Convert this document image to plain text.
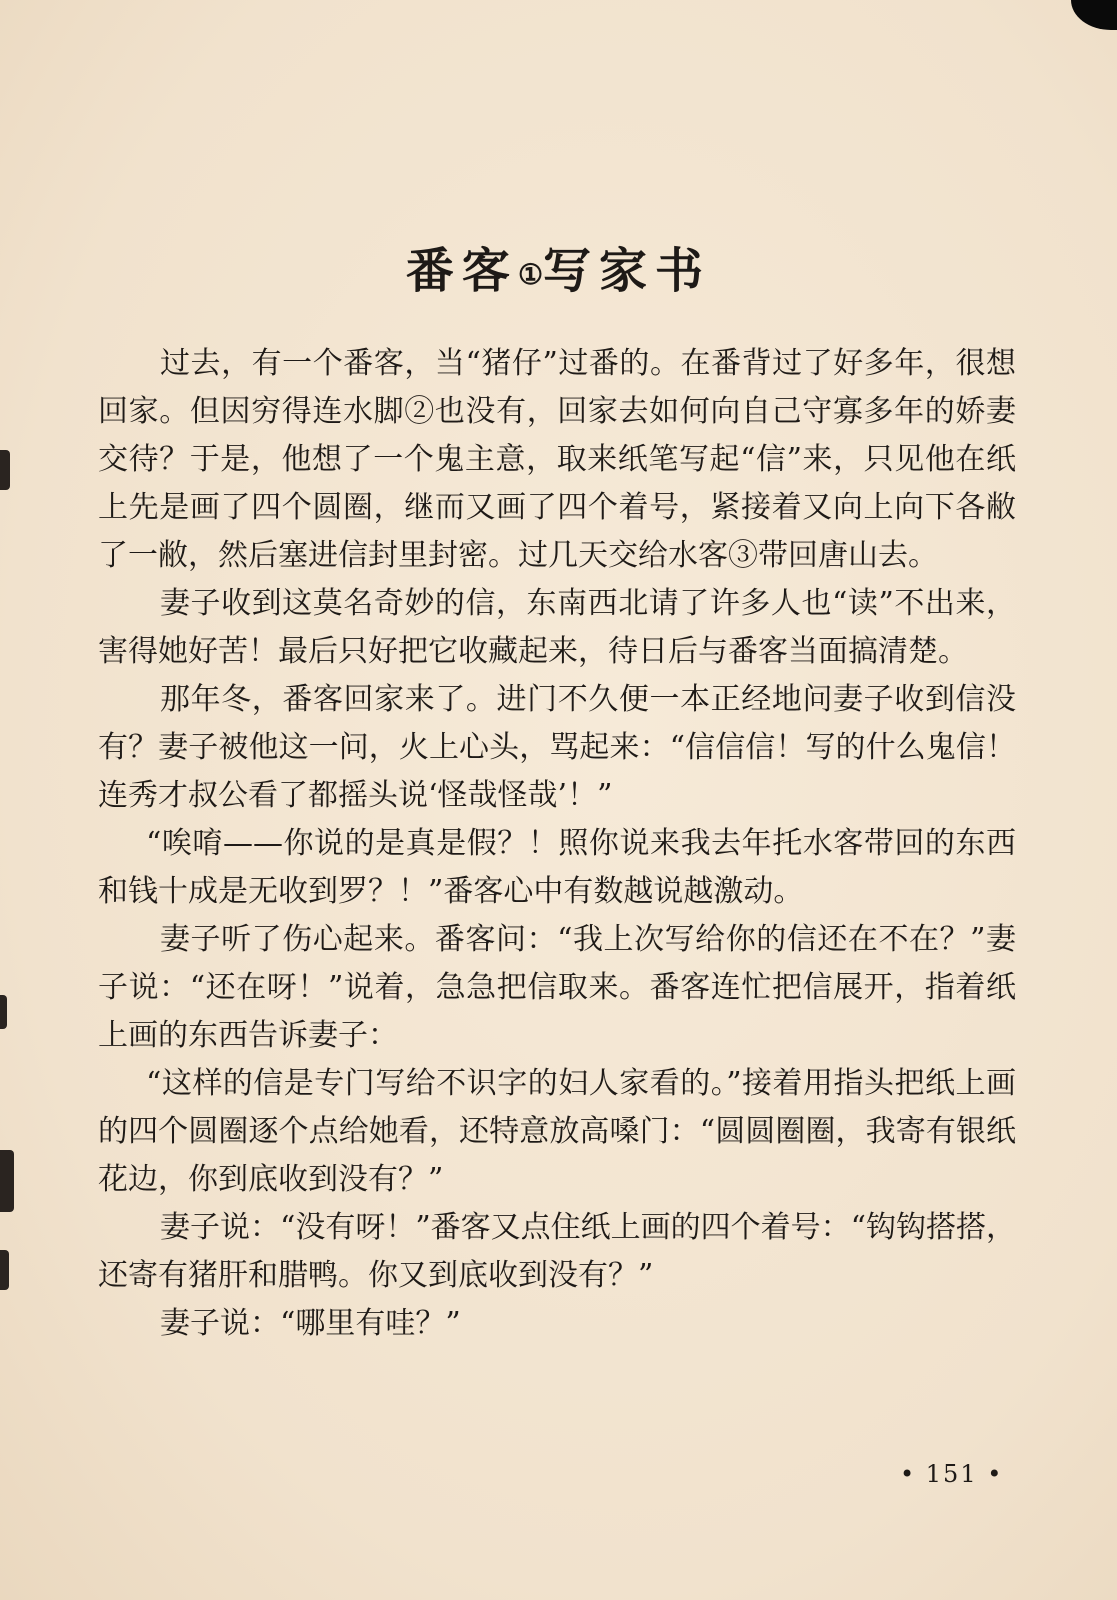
番客①写家书

过去，有一个番客，当“猪仔”过番的。在番背过了好多年，很想回家。但因穷得连水脚②也没有，回家去如何向自己守寡多年的娇妻交待？于是，他想了一个鬼主意，取来纸笔写起“信”来，只见他在纸上先是画了四个圆圈，继而又画了四个着号，紧接着又向上向下各敝了一敝，然后塞进信封里封密。过几天交给水客③带回唐山去。

妻子收到这莫名奇妙的信，东南西北请了许多人也“读”不出来，害得她好苦！最后只好把它收藏起来，待日后与番客当面搞清楚。

那年冬，番客回家来了。进门不久便一本正经地问妻子收到信没有？妻子被他这一问，火上心头，骂起来：“信信信！写的什么鬼信！连秀才叔公看了都摇头说‘怪哉怪哉’！”

“唉唷——你说的是真是假？！照你说来我去年托水客带回的东西和钱十成是无收到罗？！”番客心中有数越说越激动。

妻子听了伤心起来。番客问：“我上次写给你的信还在不在？”妻子说：“还在呀！”说着，急急把信取来。番客连忙把信展开，指着纸上画的东西告诉妻子：

“这样的信是专门写给不识字的妇人家看的。”接着用指头把纸上画的四个圆圈逐个点给她看，还特意放高嗓门：“圆圆圈圈，我寄有银纸花边，你到底收到没有？”

妻子说：“没有呀！”番客又点住纸上画的四个着号：“钩钩搭搭，还寄有猪肝和腊鸭。你又到底收到没有？”

妻子说：“哪里有哇？”

• 151 •
